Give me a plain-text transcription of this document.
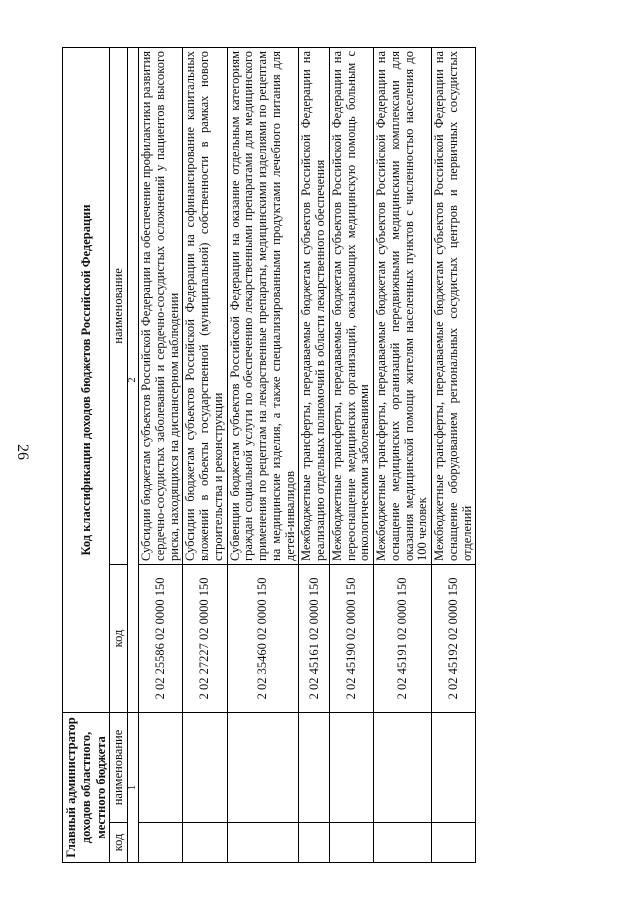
26
Главный администратор доходов областного, местного бюджета		Код классификации доходов бюджетов Российской Федерации	
код	наименование	код	наименование
1		2	
		2 02 25586 02 0000 150	Субсидии бюджетам субъектов Российской Федерации на обеспечение профилактики развития сердечно-сосудистых заболеваний и сердечно-сосудистых осложнений у пациентов высокого риска, находящихся на диспансерном наблюдении
		2 02 27227 02 0000 150	Субсидии бюджетам субъектов Российской Федерации на софинансирование капитальных вложений в объекты государственной (муниципальной) собственности в рамках нового строительства и реконструкции
		2 02 35460 02 0000 150	Субвенции бюджетам субъектов Российской Федерации на оказание отдельным категориям граждан социальной услуги по обеспечению лекарственными препаратами для медицинского применения по рецептам на лекарственные препараты, медицинскими изделиями по рецептам на медицинские изделия, а также специализированными продуктами лечебного питания для детей-инвалидов
		2 02 45161 02 0000 150	Межбюджетные трансферты, передаваемые бюджетам субъектов Российской Федерации на реализацию отдельных полномочий в области лекарственного обеспечения
		2 02 45190 02 0000 150	Межбюджетные трансферты, передаваемые бюджетам субъектов Российской Федерации на переоснащение медицинских организаций, оказывающих медицинскую помощь больным с онкологическими заболеваниями
		2 02 45191 02 0000 150	Межбюджетные трансферты, передаваемые бюджетам субъектов Российской Федерации на оснащение медицинских организаций передвижными медицинскими комплексами для оказания медицинской помощи жителям населенных пунктов с численностью населения до 100 человек
		2 02 45192 02 0000 150	Межбюджетные трансферты, передаваемые бюджетам субъектов Российской Федерации на оснащение оборудованием региональных сосудистых центров и первичных сосудистых отделений
